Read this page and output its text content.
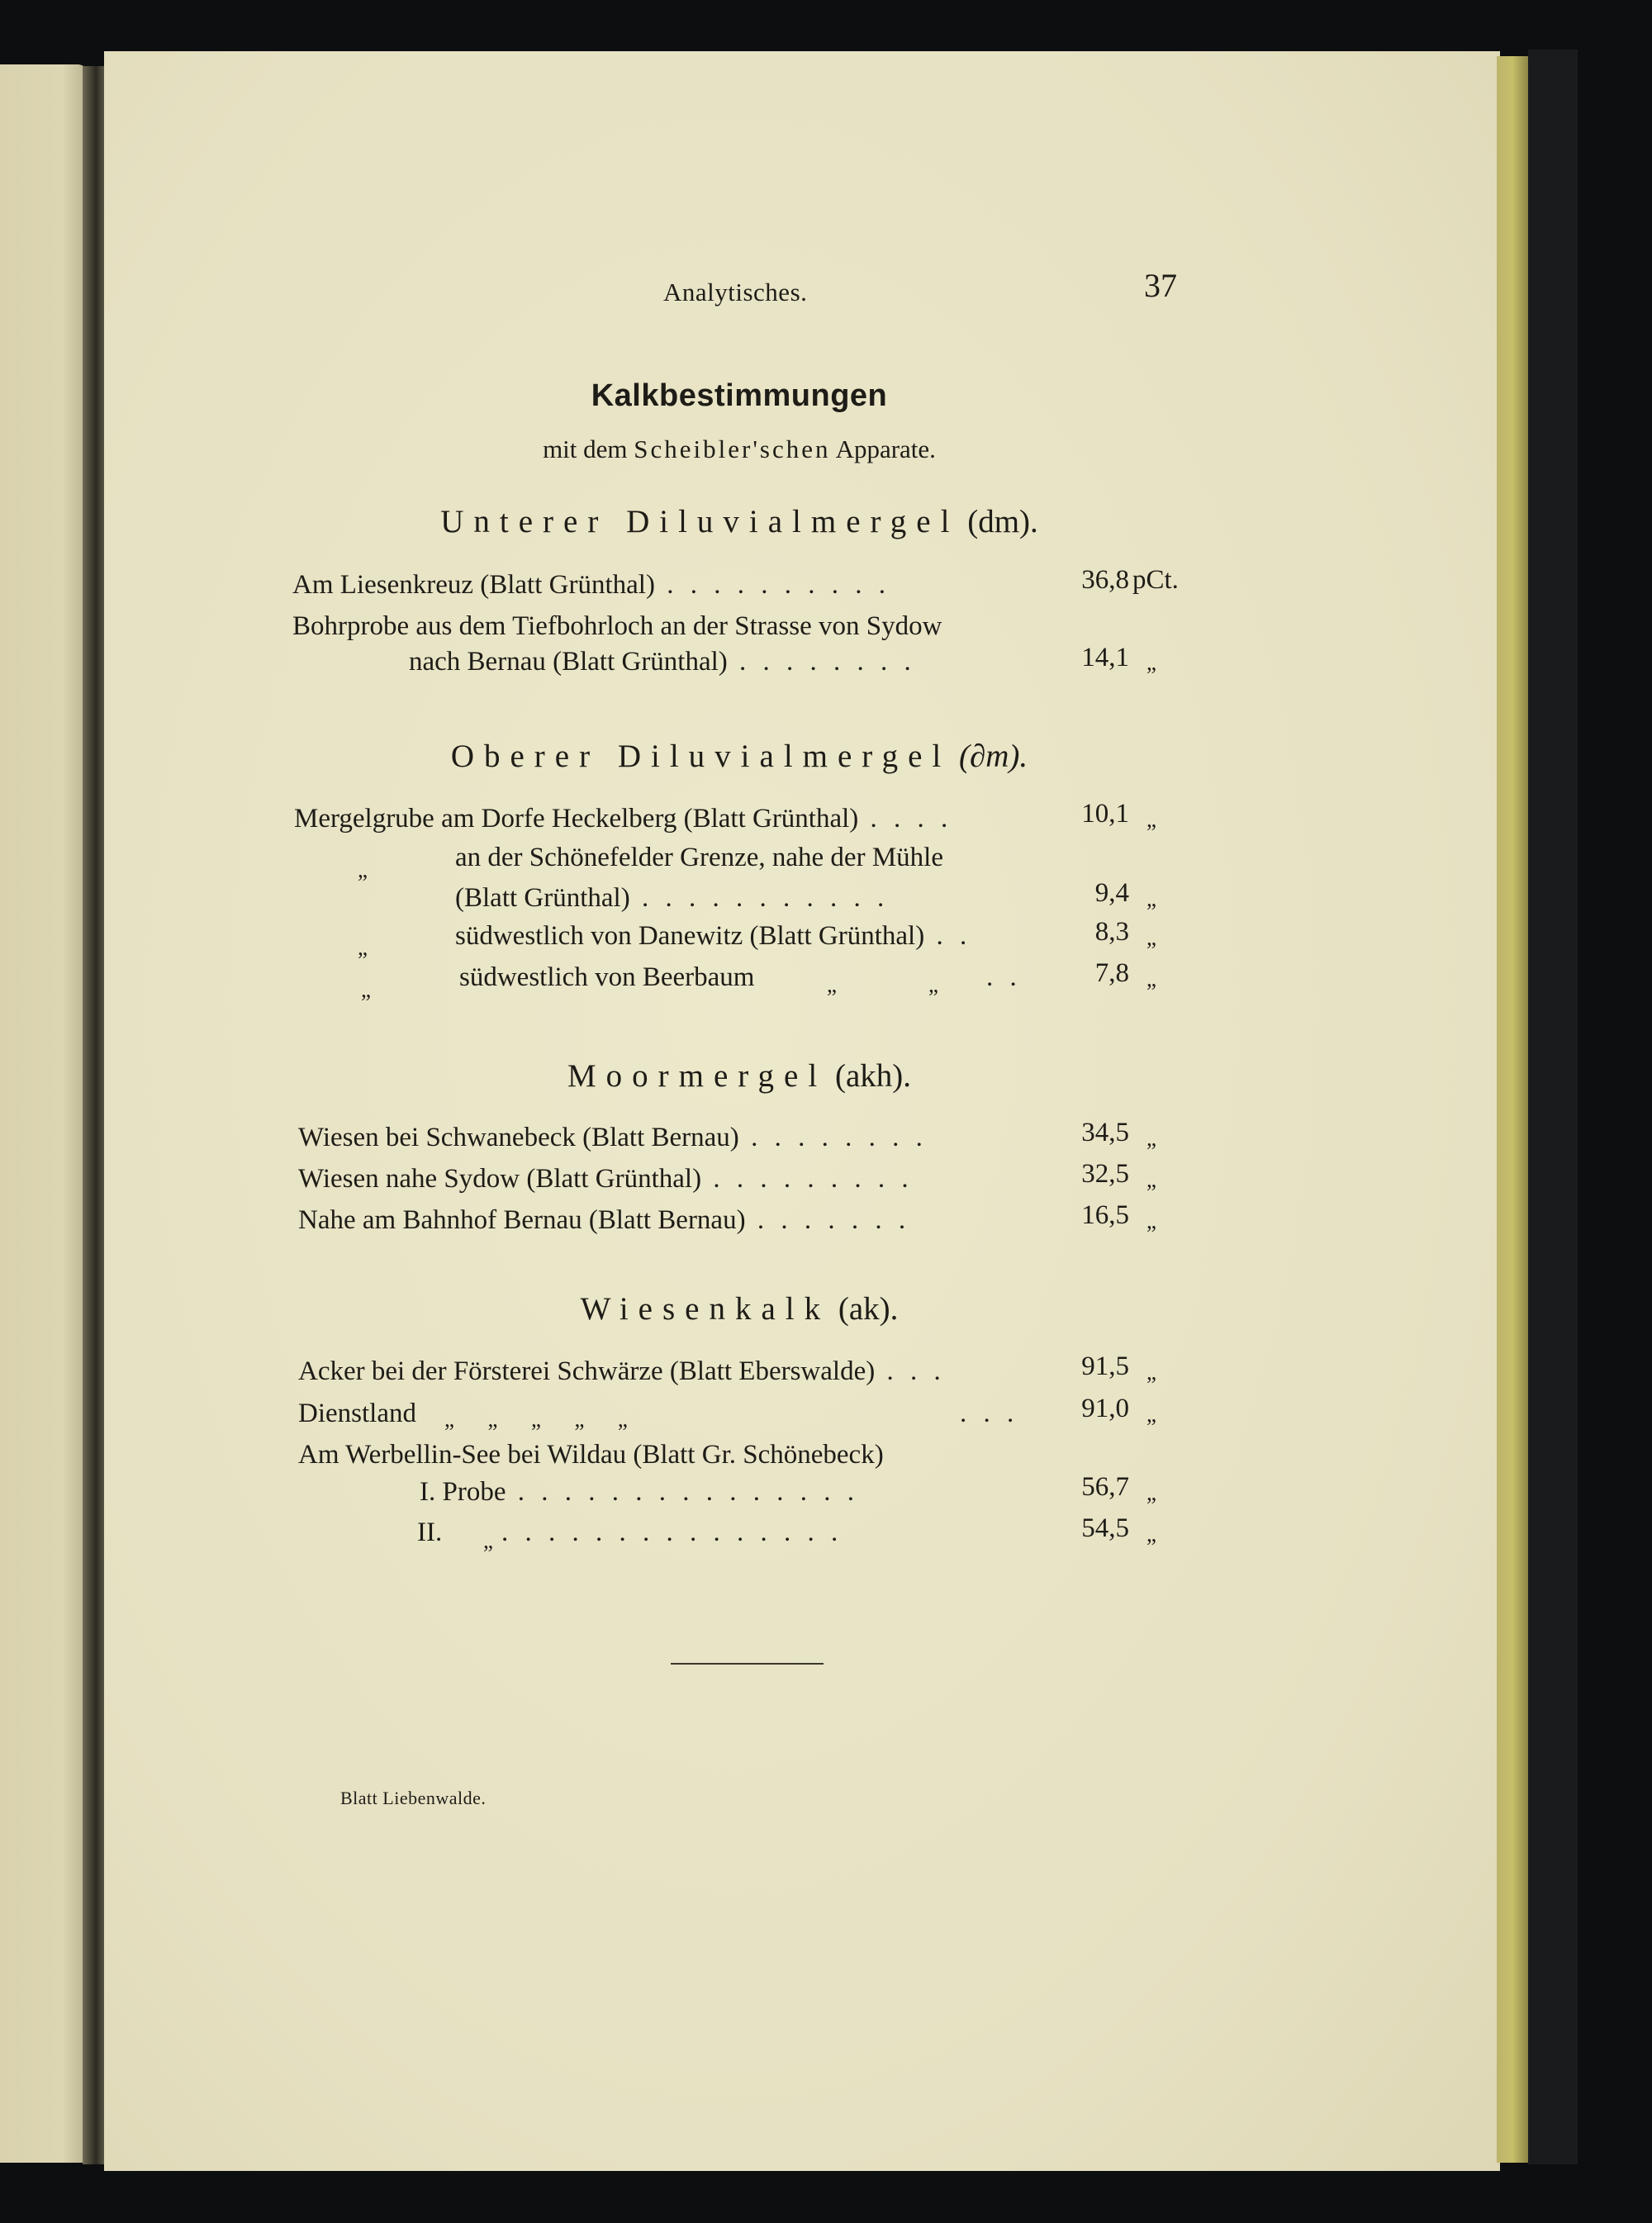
Analytisches.	37
Kalkbestimmungen
mit dem Scheibler'schen Apparate.
Unterer Diluvialmergel (dm).
Am Liesenkreuz (Blatt Grünthal) . . . . . . . . . .	36,8 pCt.
Bohrprobe aus dem Tiefbohrloch an der Strasse von Sydow
nach Bernau (Blatt Grünthal) . . . . . . . .	14,1 „
Oberer Diluvialmergel (∂m).
Mergelgrube am Dorfe Heckelberg (Blatt Grünthal) . . . .	10,1 „
„	an der Schönefelder Grenze, nahe der Mühle
(Blatt Grünthal) . . . . . . . . . . .	9,4 „
„	südwestlich von Danewitz (Blatt Grünthal) . .	8,3 „
„	südwestlich von Beerbaum	„	„ . .	7,8 „
Moormergel (akh).
Wiesen bei Schwanebeck (Blatt Bernau) . . . . . . . .	34,5 „
Wiesen nahe Sydow (Blatt Grünthal) . . . . . . . . .	32,5 „
Nahe am Bahnhof Bernau (Blatt Bernau) . . . . . . .	16,5 „
Wiesenkalk (ak).
Acker bei der Försterei Schwärze (Blatt Eberswalde) . . .	91,5 „
Dienstland „      „      „      „      „	. . .	91,0 „
Am Werbellin-See bei Wildau (Blatt Gr. Schönebeck)
I. Probe . . . . . . . . . . . . . . .	56,7 „
II. „ . . . . . . . . . . . . . . .	54,5 „
Blatt Liebenwalde.
